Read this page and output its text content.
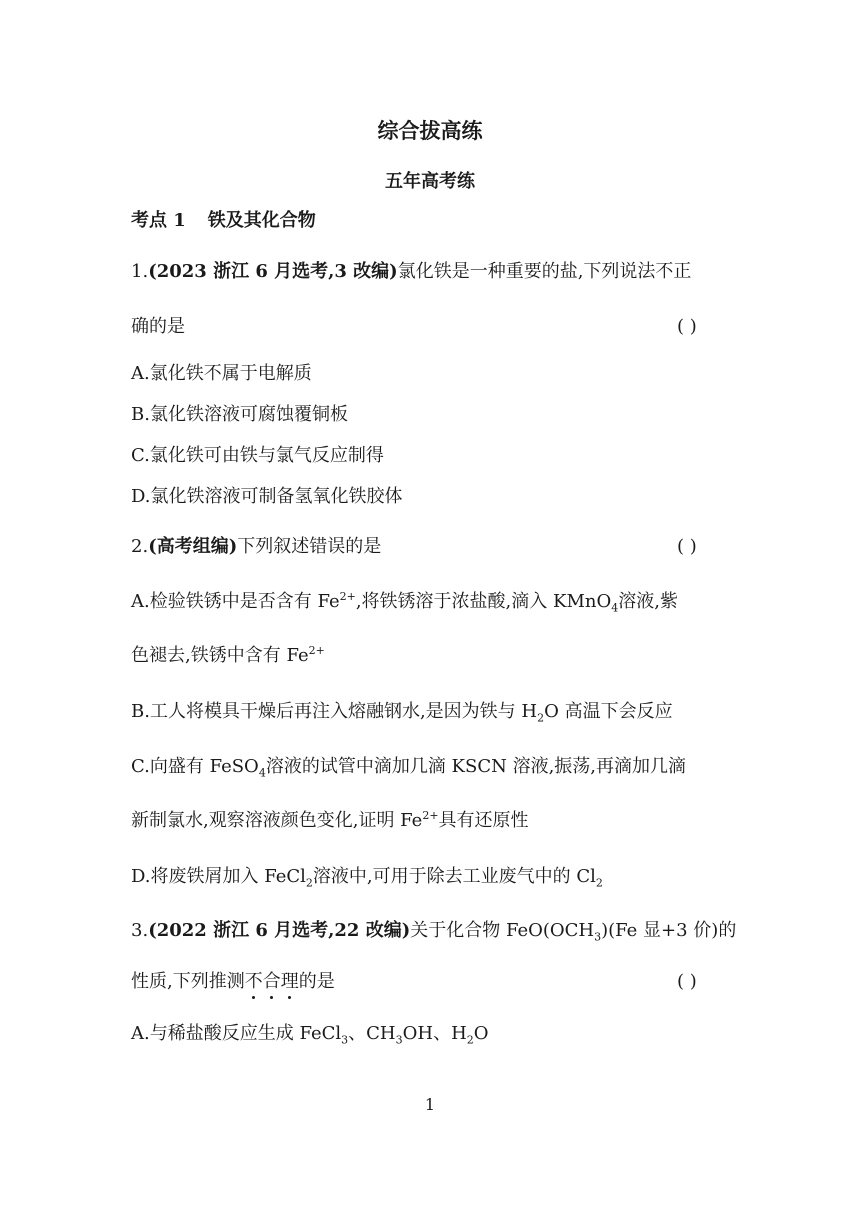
综合拔高练
五年高考练
考点 1 铁及其化合物
1.(2023 浙江 6 月选考,3 改编)氯化铁是一种重要的盐,下列说法不正
确的是	( )
A.氯化铁不属于电解质
B.氯化铁溶液可腐蚀覆铜板
C.氯化铁可由铁与氯气反应制得
D.氯化铁溶液可制备氢氧化铁胶体
2.(高考组编)下列叙述错误的是	( )
A.检验铁锈中是否含有 $Fe^{2+}$,将铁锈溶于浓盐酸,滴入 KMnO$_4$溶液,紫
色褪去,铁锈中含有 $Fe^{2+}$
B.工人将模具干燥后再注入熔融钢水,是因为铁与 $H_2O$ 高温下会反应
C.向盛有 FeSO$_4$溶液的试管中滴加几滴 KSCN 溶液,振荡,再滴加几滴
新制氯水,观察溶液颜色变化,证明 $Fe^{2+}$具有还原性
D.将废铁屑加入 FeCl$_2$溶液中,可用于除去工业废气中的 $Cl_2$
3.(2022 浙江 6 月选考,22 改编)关于化合物 $FeO(OCH_3)(Fe$ 显+3 价)的
性质,下列推测不合理的是	( )
A.与稀盐酸反应生成 FeCl$_3$、$CH_3OH$、$H_2O$
1
